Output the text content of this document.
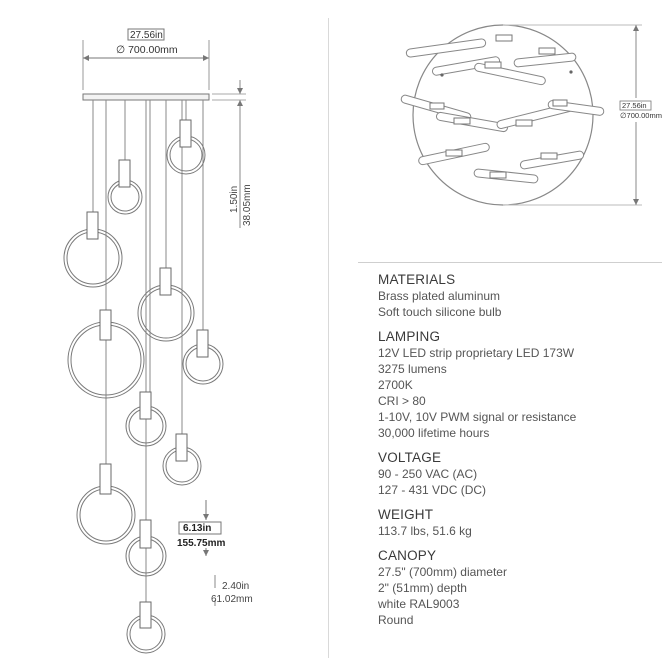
27.56in
∅ 700.00mm
1.50in 38.05mm
6.13in
155.75mm
2.40in
61.02mm
27.56in
∅700.00mm
MATERIALS
Brass plated aluminum
Soft touch silicone bulb
LAMPING
12V LED strip proprietary LED 173W
3275 lumens
2700K
CRI > 80
1-10V, 10V PWM signal or resistance
30,000 lifetime hours
VOLTAGE
90 - 250 VAC (AC)
127 - 431 VDC (DC)
WEIGHT
113.7 lbs, 51.6 kg
CANOPY
27.5" (700mm) diameter
2" (51mm) depth
white RAL9003
Round
